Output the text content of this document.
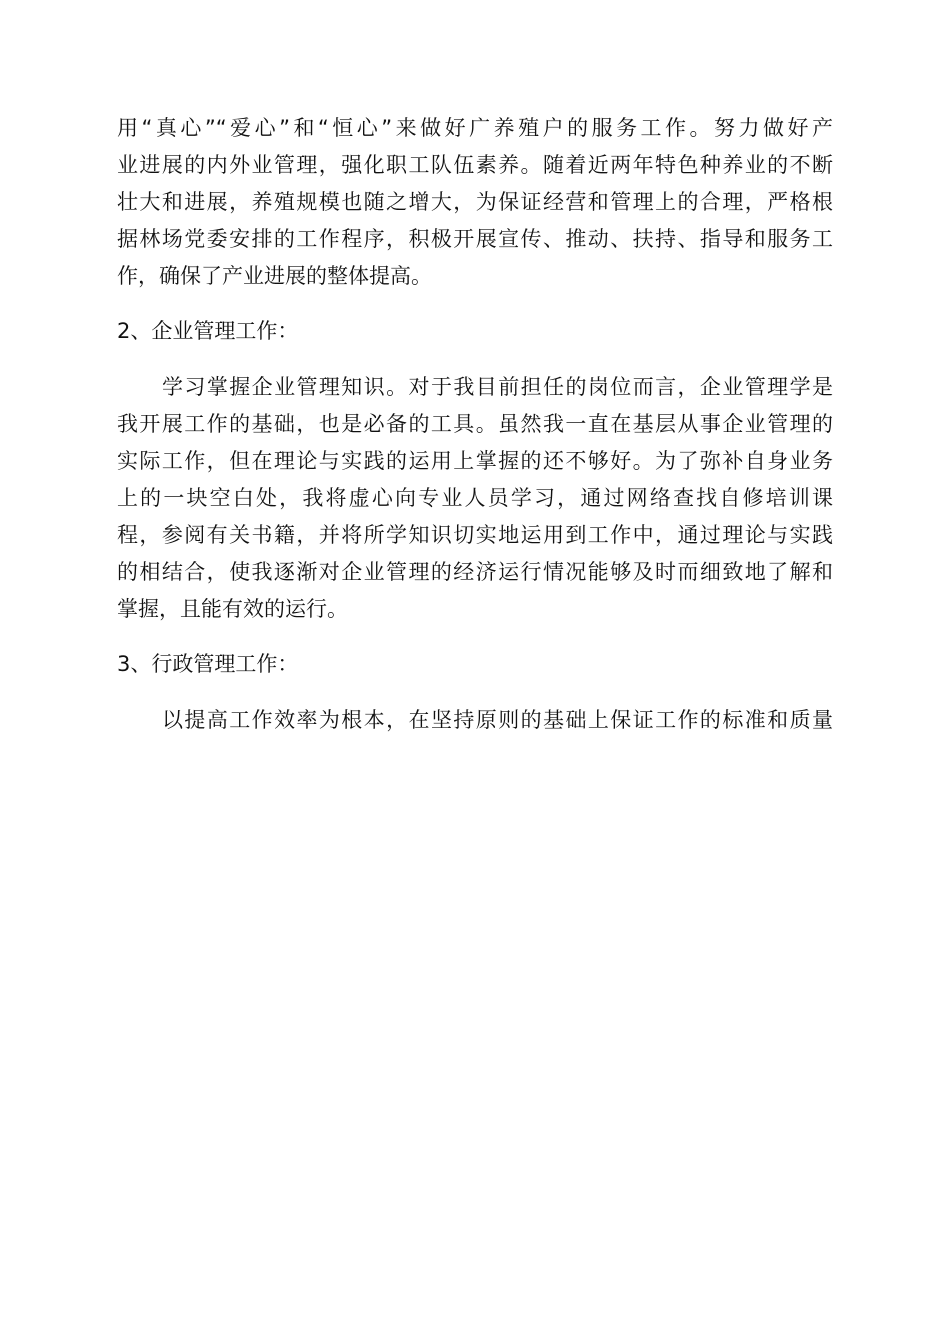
用“真心”“爱心”和“恒心”来做好广养殖户的服务工作。努力做好产
业进展的内外业管理，强化职工队伍素养。随着近两年特色种养业的不断
壮大和进展，养殖规模也随之增大，为保证经营和管理上的合理，严格根
据林场党委安排的工作程序，积极开展宣传、推动、扶持、指导和服务工
作，确保了产业进展的整体提高。

2、企业管理工作：

学习掌握企业管理知识。对于我目前担任的岗位而言，企业管理学是
我开展工作的基础，也是必备的工具。虽然我一直在基层从事企业管理的
实际工作，但在理论与实践的运用上掌握的还不够好。为了弥补自身业务
上的一块空白处，我将虚心向专业人员学习，通过网络查找自修培训课
程，参阅有关书籍，并将所学知识切实地运用到工作中，通过理论与实践
的相结合，使我逐渐对企业管理的经济运行情况能够及时而细致地了解和
掌握，且能有效的运行。

3、行政管理工作：

以提高工作效率为根本，在坚持原则的基础上保证工作的标准和质量
